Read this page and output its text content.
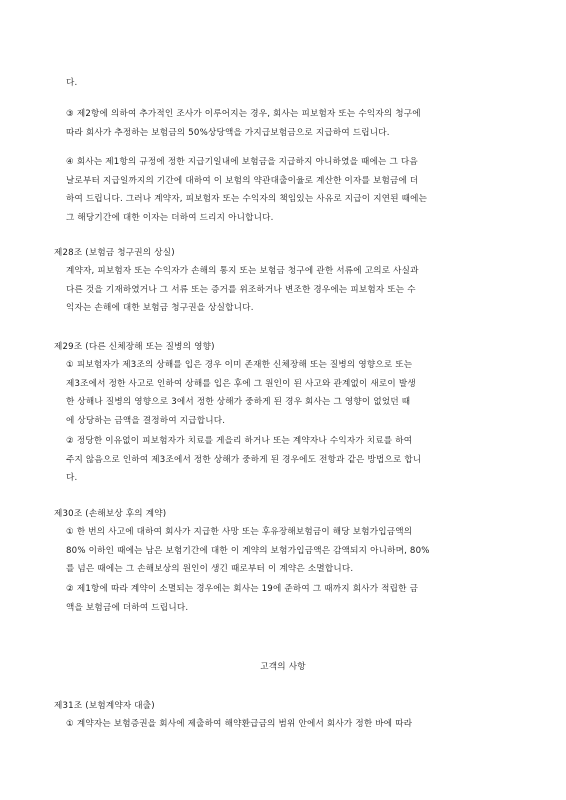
다.
③ 제2항에 의하여 추가적인 조사가 이루어지는 경우, 회사는 피보험자 또는 수익자의 청구에
따라 회사가 추정하는 보험금의 50%상당액을 가지급보험금으로 지급하여 드립니다.
④ 회사는 제1항의 규정에 정한 지급기일내에 보험금을 지급하지 아니하였을 때에는 그 다음
날로부터 지급일까지의 기간에 대하여 이 보험의 약관대출이율로 계산한 이자를 보험금에 더
하여 드립니다. 그러나 계약자, 피보험자 또는 수익자의 책임있는 사유로 지급이 지연된 때에는
그 해당기간에 대한 이자는 더하여 드리지 아니합니다.
제28조 (보험금 청구권의 상실)
계약자, 피보험자 또는 수익자가 손해의 통지 또는 보험금 청구에 관한 서류에 고의로 사실과
다른 것을 기재하였거나 그 서류 또는 증거를 위조하거나 변조한 경우에는 피보험자 또는 수
익자는 손해에 대한 보험금 청구권을 상실합니다.
제29조 (다른 신체장해 또는 질병의 영향)
① 피보험자가 제3조의 상해를 입은 경우 이미 존재한 신체장해 또는 질병의 영향으로 또는
제3조에서 정한 사고로 인하여 상해를 입은 후에 그 원인이 된 사고와 관계없이 새로이 발생
한 상해나 질병의 영향으로 3에서 정한 상해가 중하게 된 경우 회사는 그 영향이 없었던 때
에 상당하는 금액을 결정하여 지급합니다.
② 정당한 이유없이 피보험자가 치료를 게을리 하거나 또는 계약자나 수익자가 치료를 하여
주지 않음으로 인하여 제3조에서 정한 상해가 중하게 된 경우에도 전항과 같은 방법으로 합니
다.
제30조 (손해보상 후의 계약)
① 한 번의 사고에 대하여 회사가 지급한 사망 또는 후유장해보험금이 해당 보험가입금액의
80% 이하인 때에는 남은 보험기간에 대한 이 계약의 보험가입금액은 감액되지 아니하며, 80%
를 넘은 때에는 그 손해보상의 원인이 생긴 때로부터 이 계약은 소멸합니다.
② 제1항에 따라 계약이 소멸되는 경우에는 회사는 19에 준하여 그 때까지 회사가 적립한 금
액을 보험금에 더하여 드립니다.
고객의 사항
제31조 (보험계약자 대출)
① 계약자는 보험증권을 회사에 제출하여 해약환급금의 범위 안에서 회사가 정한 바에 따라
